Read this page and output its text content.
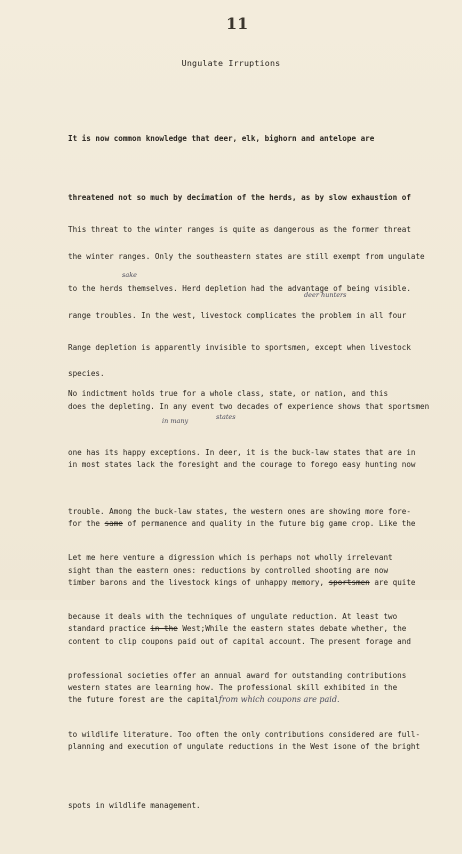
11
Ungulate Irruptions

It is now common knowledge that deer, elk, bighorn and antelope are

threatened not so much by decimation of the herds, as by slow exhaustion of

the winter ranges. Only the southeastern states are still exempt from ungulate

range troubles. In the west, livestock complicates the problem in all four

species.

This threat to the winter ranges is quite as dangerous as the former threat

to the herds themselves. Herd depletion had the advantage of being visible.

Range depletion is apparently invisible to sportsmen, except when livestock

does the depleting. In any event two decades of experience shows that sportsmen

in most states lack the foresight and the courage to forego easy hunting now

for the same of permanence and quality in the future big game crop. Like the

timber barons and the livestock kings of unhappy memory, sportsmen are quite

content to clip coupons paid out of capital account. The present forage and

the future forest are the capitalfrom which coupons are paid.

sake
deer hunters

No indictment holds true for a whole class, state, or nation, and this

one has its happy exceptions. In deer, it is the buck-law states that are in

trouble. Among the buck-law states, the western ones are showing more fore-

sight than the eastern ones: reductions by controlled shooting are now

standard practice in the West;While the eastern states debate whether, the

western states are learning how. The professional skill exhibited in the

planning and execution of ungulate reductions in the West isone of the bright

spots in wildlife management.

in many	states

Let me here venture a digression which is perhaps not wholly irrelevant

because it deals with the techniques of ungulate reduction. At least two

professional societies offer an annual award for outstanding contributions

to wildlife literature. Too often the only contributions considered are full-
